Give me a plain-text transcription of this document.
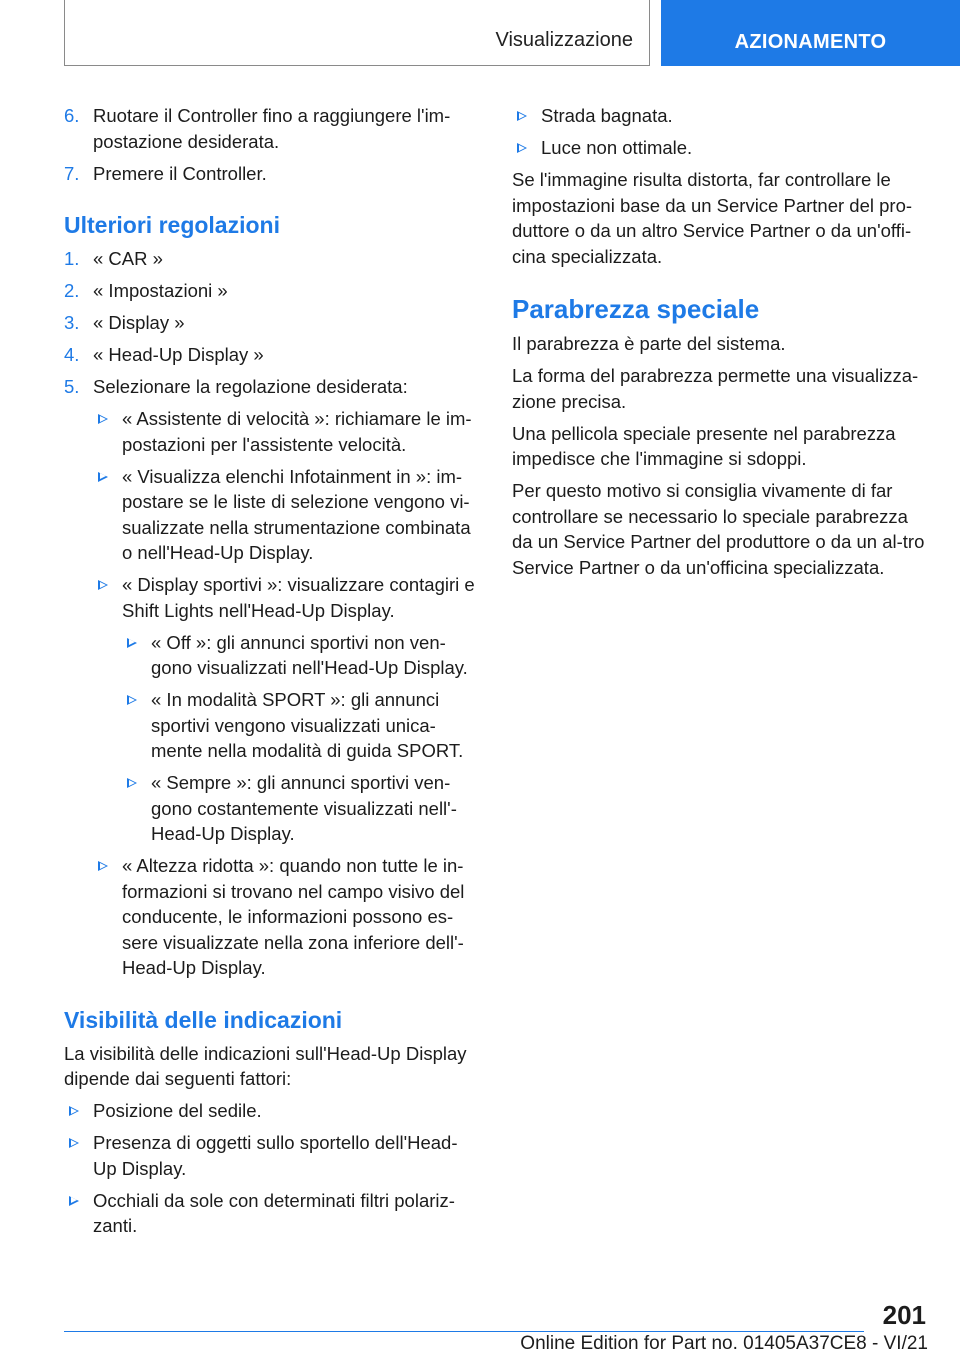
Visualizzazione	AZIONAMENTO
6. Ruotare il Controller fino a raggiungere l'im-postazione desiderata.
7. Premere il Controller.
Ulteriori regolazioni
1. « CAR »
2. « Impostazioni »
3. « Display »
4. « Head-Up Display »
5. Selezionare la regolazione desiderata:
« Assistente di velocità »: richiamare le im-postazioni per l'assistente velocità.
« Visualizza elenchi Infotainment in »: im-postare se le liste di selezione vengono vi-sualizzate nella strumentazione combinata o nell'Head-Up Display.
« Display sportivi »: visualizzare contagiri e Shift Lights nell'Head-Up Display.
« Off »: gli annunci sportivi non ven-gono visualizzati nell'Head-Up Display.
« In modalità SPORT »: gli annunci sportivi vengono visualizzati unica-mente nella modalità di guida SPORT.
« Sempre »: gli annunci sportivi ven-gono costantemente visualizzati nell'-Head-Up Display.
« Altezza ridotta »: quando non tutte le in-formazioni si trovano nel campo visivo del conducente, le informazioni possono es-sere visualizzate nella zona inferiore dell'-Head-Up Display.
Visibilità delle indicazioni
La visibilità delle indicazioni sull'Head-Up Display dipende dai seguenti fattori:
Posizione del sedile.
Presenza di oggetti sullo sportello dell'Head-Up Display.
Occhiali da sole con determinati filtri polariz-zanti.
Strada bagnata.
Luce non ottimale.
Se l'immagine risulta distorta, far controllare le impostazioni base da un Service Partner del pro-duttore o da un altro Service Partner o da un'offi-cina specializzata.
Parabrezza speciale
Il parabrezza è parte del sistema.
La forma del parabrezza permette una visualizza-zione precisa.
Una pellicola speciale presente nel parabrezza impedisce che l'immagine si sdoppi.
Per questo motivo si consiglia vivamente di far controllare se necessario lo speciale parabrezza da un Service Partner del produttore o da un al-tro Service Partner o da un'officina specializzata.
201
Online Edition for Part no. 01405A37CE8 - VI/21
